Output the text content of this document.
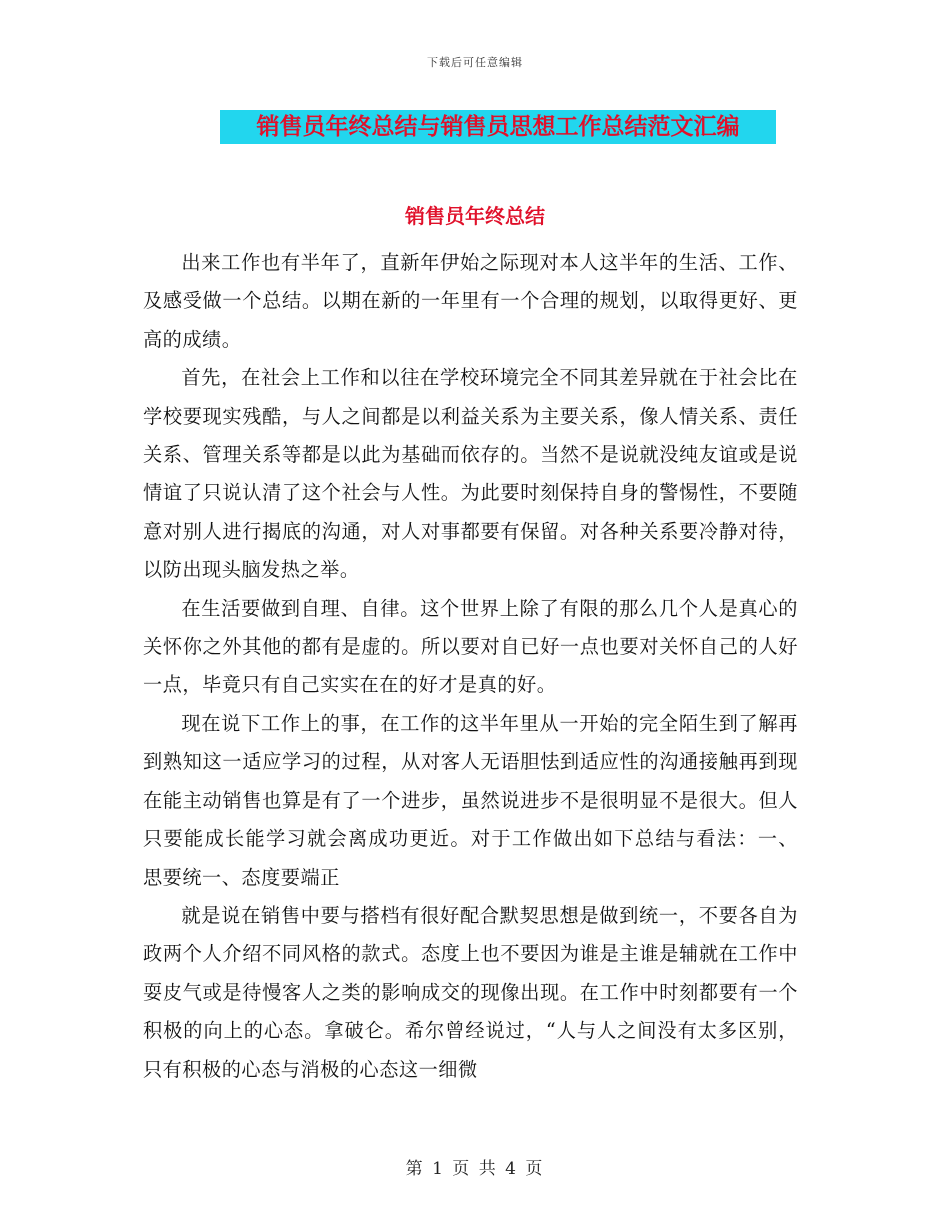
下载后可任意编辑
销售员年终总结与销售员思想工作总结范文汇编
销售员年终总结

出来工作也有半年了，直新年伊始之际现对本人这半年的生活、工作、及感受做一个总结。以期在新的一年里有一个合理的规划，以取得更好、更高的成绩。

首先，在社会上工作和以往在学校环境完全不同其差异就在于社会比在学校要现实残酷，与人之间都是以利益关系为主要关系，像人情关系、责任关系、管理关系等都是以此为基础而依存的。当然不是说就没纯友谊或是说情谊了只说认清了这个社会与人性。为此要时刻保持自身的警惕性，不要随意对别人进行揭底的沟通，对人对事都要有保留。对各种关系要冷静对待，以防出现头脑发热之举。

在生活要做到自理、自律。这个世界上除了有限的那么几个人是真心的关怀你之外其他的都有是虚的。所以要对自已好一点也要对关怀自己的人好一点，毕竟只有自己实实在在的好才是真的好。

现在说下工作上的事，在工作的这半年里从一开始的完全陌生到了解再到熟知这一适应学习的过程，从对客人无语胆怯到适应性的沟通接触再到现在能主动销售也算是有了一个进步，虽然说进步不是很明显不是很大。但人只要能成长能学习就会离成功更近。对于工作做出如下总结与看法：一、 思要统一、态度要端正

就是说在销售中要与搭档有很好配合默契思想是做到统一，不要各自为政两个人介绍不同风格的款式。态度上也不要因为谁是主谁是辅就在工作中耍皮气或是待慢客人之类的影响成交的现像出现。在工作中时刻都要有一个积极的向上的心态。拿破仑。希尔曾经说过，“人与人之间没有太多区别，只有积极的心态与消极的心态这一细微

第 1 页 共 4 页
